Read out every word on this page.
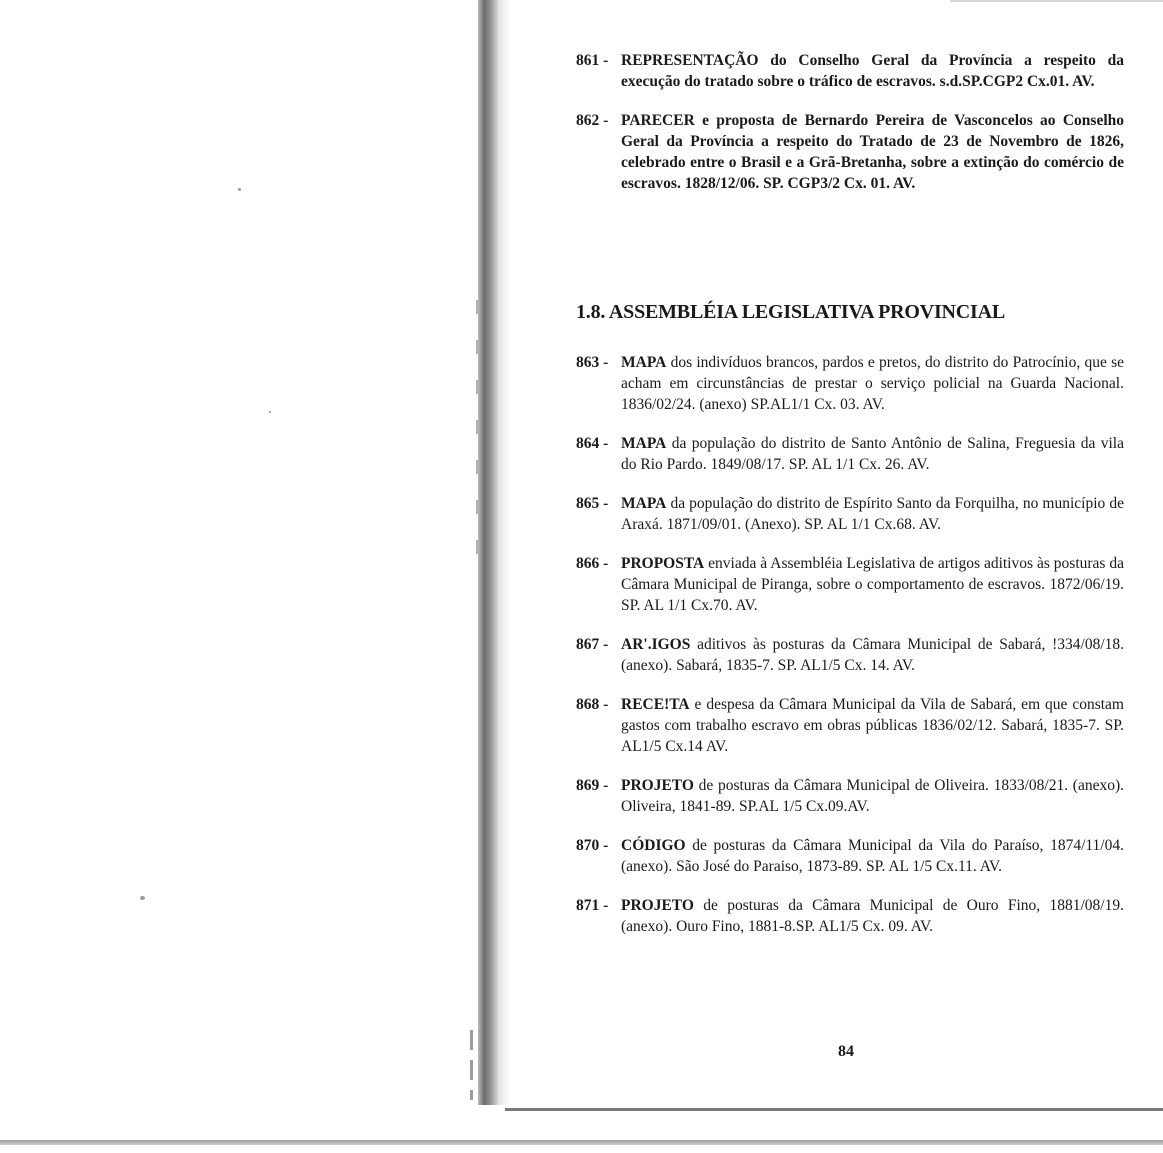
861 - REPRESENTAÇÃO do Conselho Geral da Província a respeito da execução do tratado sobre o tráfico de escravos. s.d.SP.CGP2 Cx.01. AV.
862 - PARECER e proposta de Bernardo Pereira de Vasconcelos ao Conselho Geral da Província a respeito do Tratado de 23 de Novembro de 1826, celebrado entre o Brasil e a Grã-Bretanha, sobre a extinção do comércio de escravos. 1828/12/06. SP. CGP3/2 Cx. 01. AV.
1.8. ASSEMBLÉIA LEGISLATIVA PROVINCIAL
863 - MAPA dos indivíduos brancos, pardos e pretos, do distrito do Patrocínio, que se acham em circunstâncias de prestar o serviço policial na Guarda Nacional. 1836/02/24. (anexo) SP.AL1/1 Cx. 03. AV.
864 - MAPA da população do distrito de Santo Antônio de Salina, Freguesia da vila do Rio Pardo. 1849/08/17. SP. AL 1/1 Cx. 26. AV.
865 - MAPA da população do distrito de Espírito Santo da Forquilha, no município de Araxá. 1871/09/01. (Anexo). SP. AL 1/1 Cx.68. AV.
866 - PROPOSTA enviada à Assembléia Legislativa de artigos aditivos às posturas da Câmara Municipal de Piranga, sobre o comportamento de escravos. 1872/06/19. SP. AL 1/1 Cx.70. AV.
867 - AR'.IGOS aditivos às posturas da Câmara Municipal de Sabará, !334/08/18. (anexo). Sabará, 1835-7. SP. AL1/5 Cx. 14. AV.
868 - RECE!TA e despesa da Câmara Municipal da Vila de Sabará, em que constam gastos com trabalho escravo em obras públicas 1836/02/12. Sabará, 1835-7. SP. AL1/5 Cx.14 AV.
869 - PROJETO de posturas da Câmara Municipal de Oliveira. 1833/08/21. (anexo). Oliveira, 1841-89. SP.AL 1/5 Cx.09.AV.
870 - CÓDIGO de posturas da Câmara Municipal da Vila do Paraíso, 1874/11/04. (anexo). São José do Paraiso, 1873-89. SP. AL 1/5 Cx.11. AV.
871 - PROJETO de posturas da Câmara Municipal de Ouro Fino, 1881/08/19. (anexo). Ouro Fino, 1881-8.SP. AL1/5 Cx. 09. AV.
84
